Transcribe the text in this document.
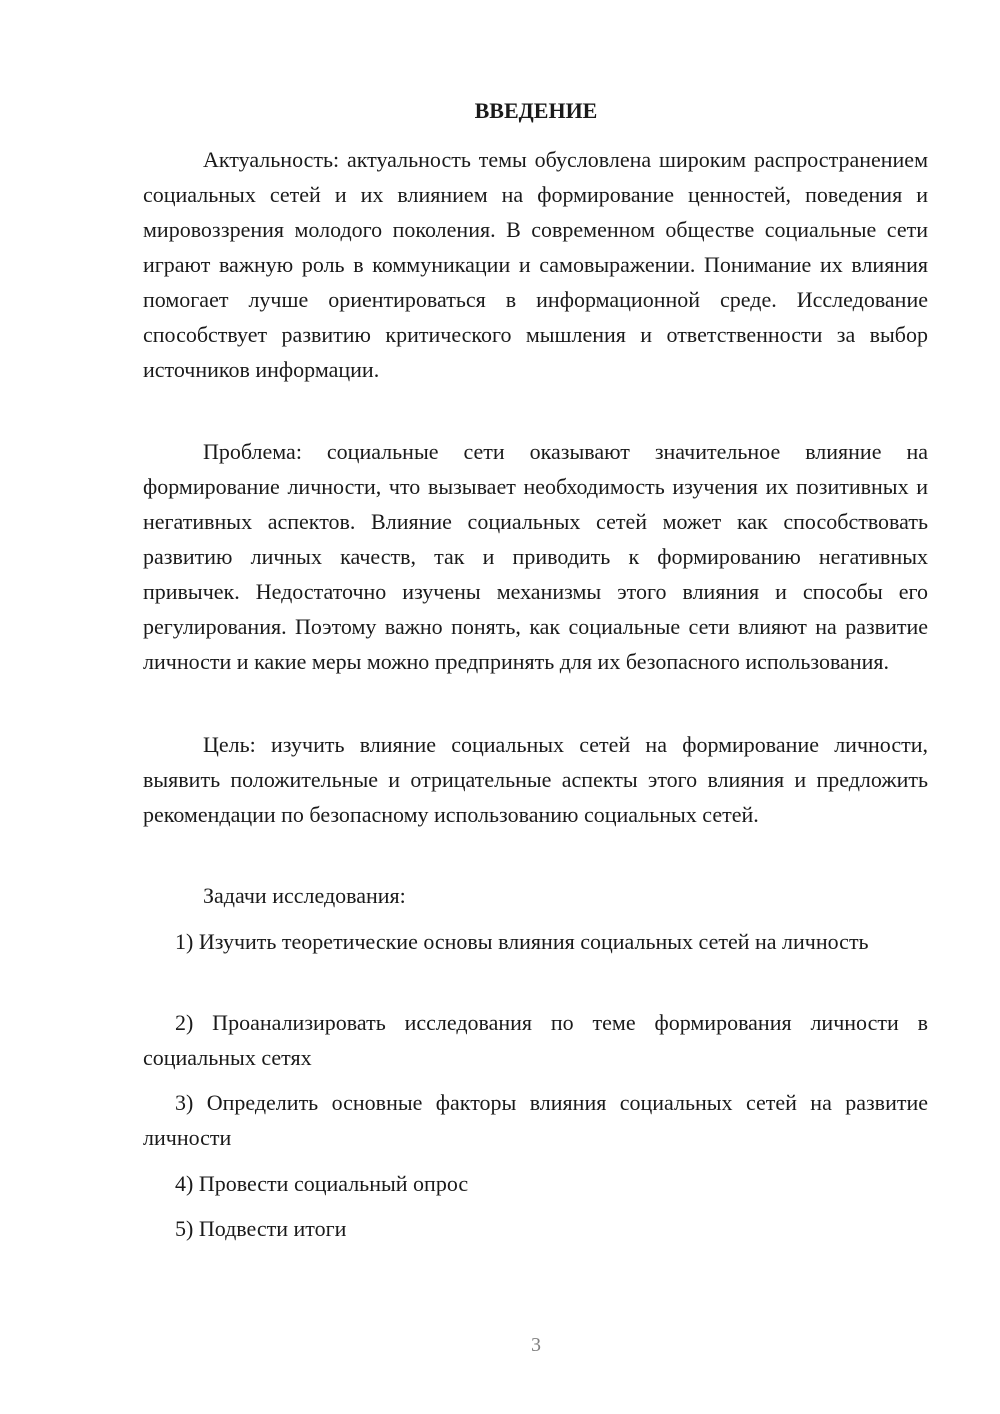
ВВЕДЕНИЕ

Актуальность: актуальность темы обусловлена широким распространением социальных сетей и их влиянием на формирование ценностей, поведения и мировоззрения молодого поколения. В современном обществе социальные сети играют важную роль в коммуникации и самовыражении. Понимание их влияния помогает лучше ориентироваться в информационной среде. Исследование способствует развитию критического мышления и ответственности за выбор источников информации.

Проблема: социальные сети оказывают значительное влияние на формирование личности, что вызывает необходимость изучения их позитивных и негативных аспектов. Влияние социальных сетей может как способствовать развитию личных качеств, так и приводить к формированию негативных привычек. Недостаточно изучены механизмы этого влияния и способы его регулирования. Поэтому важно понять, как социальные сети влияют на развитие личности и какие меры можно предпринять для их безопасного использования.

Цель: изучить влияние социальных сетей на формирование личности, выявить положительные и отрицательные аспекты этого влияния и предложить рекомендации по безопасному использованию социальных сетей.

Задачи исследования:

1) Изучить теоретические основы влияния социальных сетей на личность

2) Проанализировать исследования по теме формирования личности в социальных сетях

3) Определить основные факторы влияния социальных сетей на развитие личности

4) Провести социальный опрос

5) Подвести итоги

3
